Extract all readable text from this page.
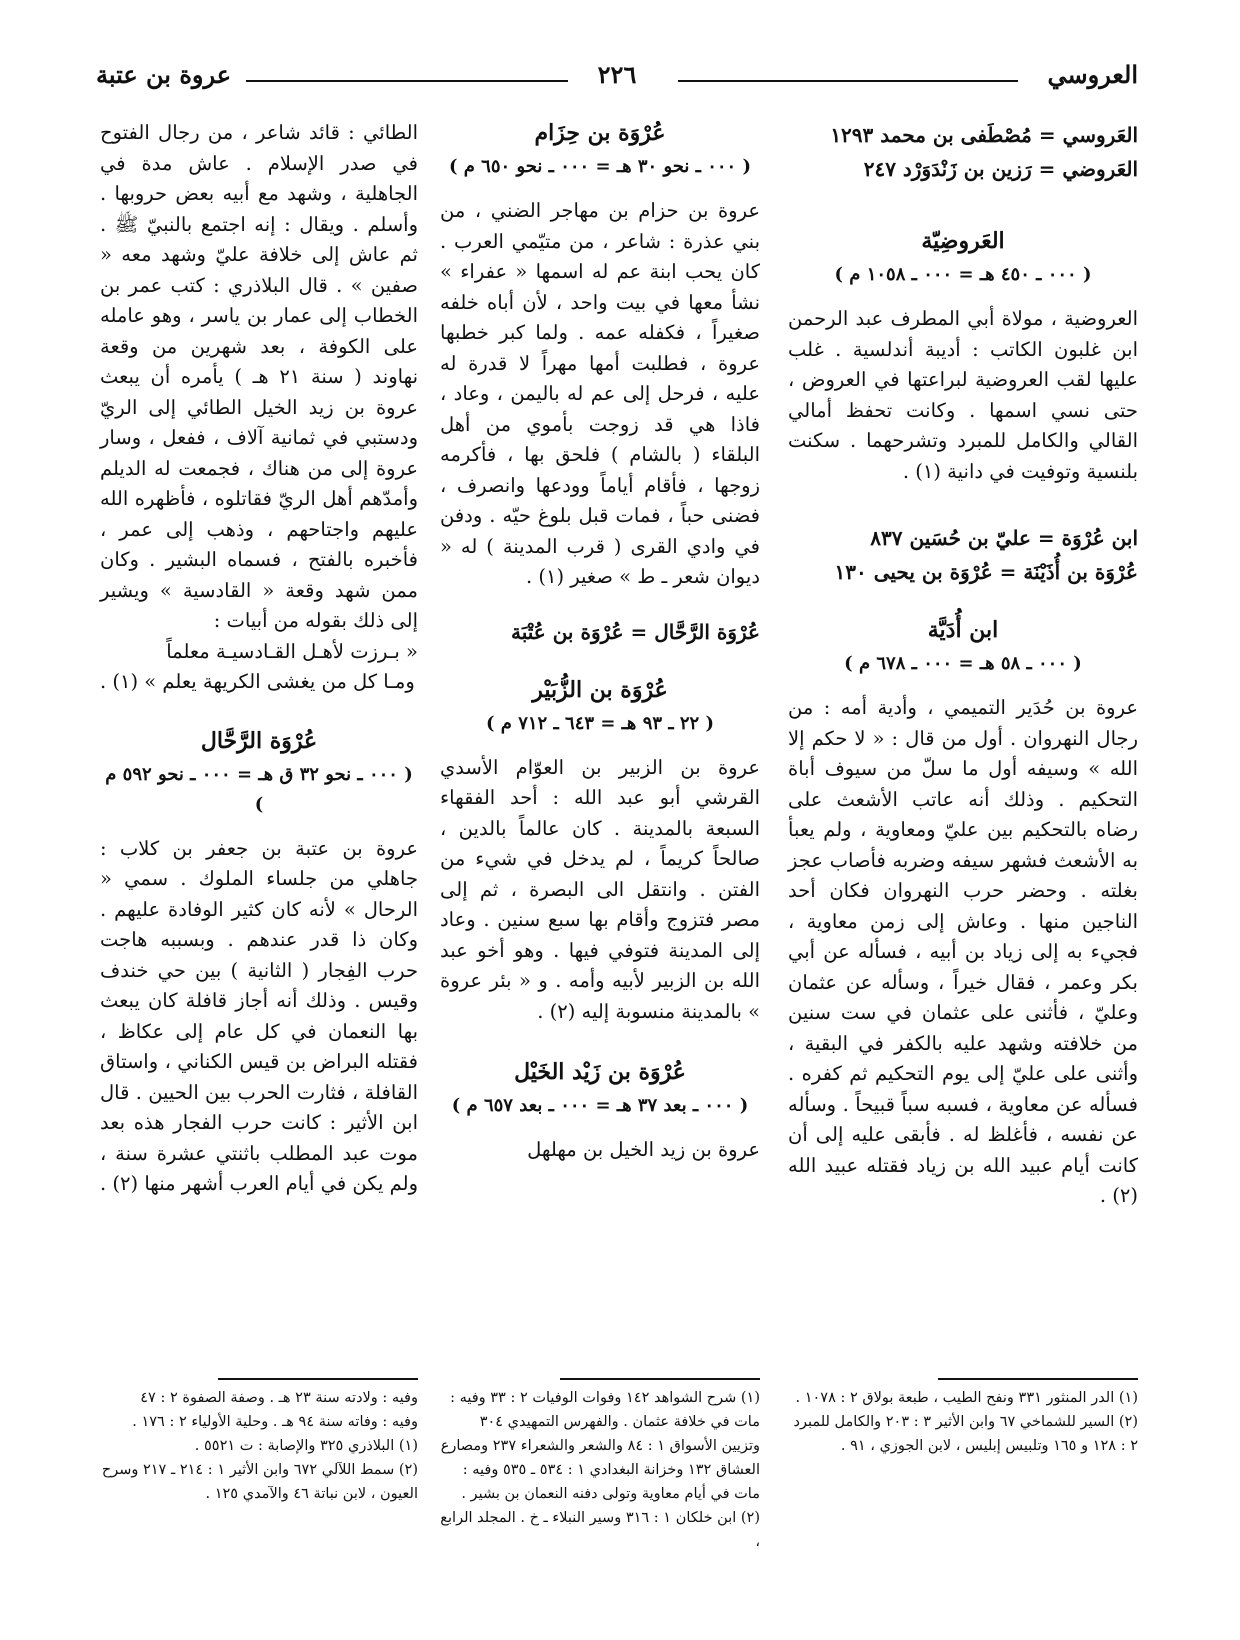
العروسي
٢٢٦
عروة بن عتبة

العَروسي = مُصْطَفى بن محمد ١٢٩٣

العَروضي = رَزين بن زَنْدَوَرْد ٢٤٧

العَروضِيّة
( ٠٠٠ ـ ٤٥٠ هـ = ٠٠٠ ـ ١٠٥٨ م )
العروضية ، مولاة أبي المطرف عبد الرحمن ابن غلبون الكاتب : أديبة أندلسية . غلب عليها لقب العروضية لبراعتها في العروض ، حتى نسي اسمها . وكانت تحفظ أمالي القالي والكامل للمبرد وتشرحهما . سكنت بلنسية وتوفيت في دانية (١) .

ابن عُرْوَة = عليّ بن حُسَين ٨٣٧

عُرْوَة بن أُذَيْنَة = عُرْوَة بن يحيى ١٣٠

ابن أُدَيَّة
( ٠٠٠ ـ ٥٨ هـ = ٠٠٠ ـ ٦٧٨ م )
عروة بن حُدَير التميمي ، وأدية أمه : من رجال النهروان . أول من قال : « لا حكم إلا الله » وسيفه أول ما سلّ من سيوف أباة التحكيم . وذلك أنه عاتب الأشعث على رضاه بالتحكيم بين عليّ ومعاوية ، ولم يعبأ به الأشعث فشهر سيفه وضربه فأصاب عجز بغلته . وحضر حرب النهروان فكان أحد الناجين منها . وعاش إلى زمن معاوية ، فجيء به إلى زياد بن أبيه ، فسأله عن أبي بكر وعمر ، فقال خيراً ، وسأله عن عثمان وعليّ ، فأثنى على عثمان في ست سنين من خلافته وشهد عليه بالكفر في البقية ، وأثنى على عليّ إلى يوم التحكيم ثم كفره . فسأله عن معاوية ، فسبه سباً قبيحاً . وسأله عن نفسه ، فأغلظ له . فأبقى عليه إلى أن كانت أيام عبيد الله بن زياد فقتله عبيد الله (٢) .
عُرْوَة بن حِزَام
( ٠٠٠ ـ نحو ٣٠ هـ = ٠٠٠ ـ نحو ٦٥٠ م )
عروة بن حزام بن مهاجر الضني ، من بني عذرة : شاعر ، من متيّمي العرب . كان يحب ابنة عم له اسمها « عفراء » نشأ معها في بيت واحد ، لأن أباه خلفه صغيراً ، فكفله عمه . ولما كبر خطبها عروة ، فطلبت أمها مهراً لا قدرة له عليه ، فرحل إلى عم له باليمن ، وعاد ، فاذا هي قد زوجت بأموي من أهل البلقاء ( بالشام ) فلحق بها ، فأكرمه زوجها ، فأقام أياماً وودعها وانصرف ، فضنى حباً ، فمات قبل بلوغ حيّه . ودفن في وادي القرى ( قرب المدينة ) له « ديوان شعر ـ ط » صغير (١) .

عُرْوَة الرَّحَّال = عُرْوَة بن عُتْبَة

عُرْوَة بن الزُّبَيْر
( ٢٢ ـ ٩٣ هـ = ٦٤٣ ـ ٧١٢ م )
عروة بن الزبير بن العوّام الأسدي القرشي أبو عبد الله : أحد الفقهاء السبعة بالمدينة . كان عالماً بالدين ، صالحاً كريماً ، لم يدخل في شيء من الفتن . وانتقل الى البصرة ، ثم إلى مصر فتزوج وأقام بها سبع سنين . وعاد إلى المدينة فتوفي فيها . وهو أخو عبد الله بن الزبير لأبيه وأمه . و « بئر عروة » بالمدينة منسوبة إليه (٢) .
عُرْوَة بن زَيْد الخَيْل
( ٠٠٠ ـ بعد ٣٧ هـ = ٠٠٠ ـ بعد ٦٥٧ م )
عروة بن زيد الخيل بن مهلهل
الطائي : قائد شاعر ، من رجال الفتوح في صدر الإسلام . عاش مدة في الجاهلية ، وشهد مع أبيه بعض حروبها . وأسلم . ويقال : إنه اجتمع بالنبيّ ﷺ . ثم عاش إلى خلافة عليّ وشهد معه « صفين » . قال البلاذري : كتب عمر بن الخطاب إلى عمار بن ياسر ، وهو عامله على الكوفة ، بعد شهرين من وقعة نهاوند ( سنة ٢١ هـ ) يأمره أن يبعث عروة بن زيد الخيل الطائي إلى الريّ ودستبي في ثمانية آلاف ، ففعل ، وسار عروة إلى من هناك ، فجمعت له الديلم وأمدّهم أهل الريّ فقاتلوه ، فأظهره الله عليهم واجتاحهم ، وذهب إلى عمر ، فأخبره بالفتح ، فسماه البشير . وكان ممن شهد وقعة « القادسية » ويشير إلى ذلك بقوله من أبيات :
« بـرزت لأهـل القـادسيـة معلماً
ومـا كل من يغشى الكريهة يعلم » (١) .
عُرْوَة الرَّحَّال
( ٠٠٠ ـ نحو ٣٢ ق هـ = ٠٠٠ ـ نحو ٥٩٢ م )
عروة بن عتبة بن جعفر بن كلاب : جاهلي من جلساء الملوك . سمي « الرحال » لأنه كان كثير الوفادة عليهم . وكان ذا قدر عندهم . وبسببه هاجت حرب الفِجار ( الثانية ) بين حي خندف وقيس . وذلك أنه أجاز قافلة كان يبعث بها النعمان في كل عام إلى عكاظ ، فقتله البراض بن قيس الكناني ، واستاق القافلة ، فثارت الحرب بين الحيين . قال ابن الأثير : كانت حرب الفجار هذه بعد موت عبد المطلب باثنتي عشرة سنة ، ولم يكن في أيام العرب أشهر منها (٢) .

(١) الدر المنثور ٣٣١ ونفح الطيب ، طبعة بولاق ٢ : ١٠٧٨ .

(٢) السير للشماخي ٦٧ وابن الأثير ٣ : ٢٠٣ والكامل للمبرد ٢ : ١٢٨ و ١٦٥ وتلبيس إبليس ، لابن الجوزي ، ٩١ .

(١) شرح الشواهد ١٤٢ وفوات الوفيات ٢ : ٣٣ وفيه : مات في خلافة عثمان . والفهرس التمهيدي ٣٠٤ وتزيين الأسواق ١ : ٨٤ والشعر والشعراء ٢٣٧ ومصارع العشاق ١٣٢ وخزانة البغدادي ١ : ٥٣٤ ـ ٥٣٥ وفيه : مات في أيام معاوية وتولى دفنه النعمان بن بشير .

(٢) ابن خلكان ١ : ٣١٦ وسير النبلاء ـ خ . المجلد الرابع ،

وفيه : ولادته سنة ٢٣ هـ . وصفة الصفوة ٢ : ٤٧

وفيه : وفاته سنة ٩٤ هـ . وحلية الأولياء ٢ : ١٧٦ .

(١) البلاذري ٣٢٥ والإصابة : ت ٥٥٢١ .

(٢) سمط اللآلي ٦٧٢ وابن الأثير ١ : ٢١٤ ـ ٢١٧ وسرح العيون ، لابن نباتة ٤٦ والآمدي ١٢٥ .
